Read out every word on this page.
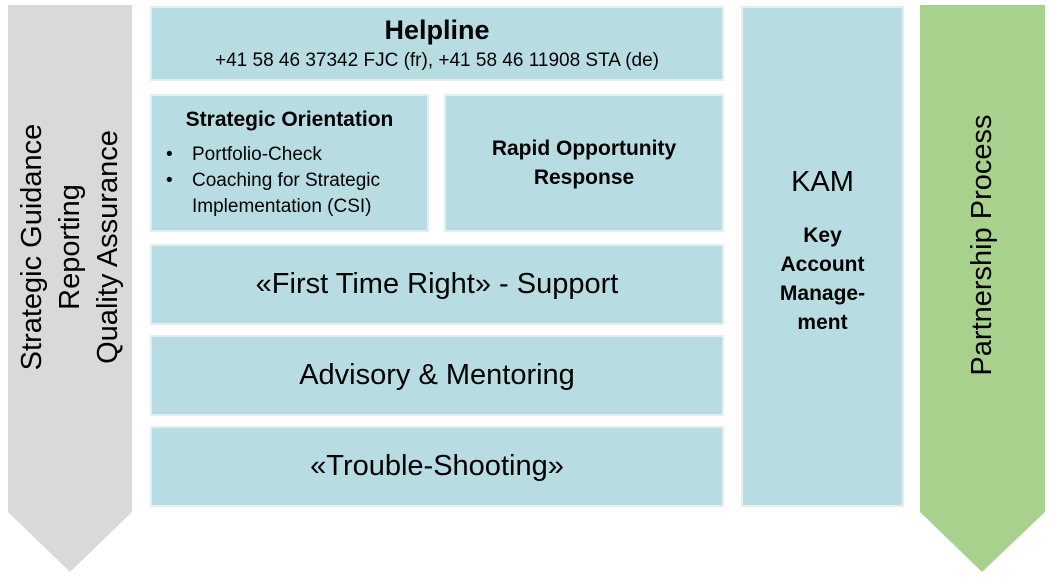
Strategic Guidance Reporting Quality Assurance	Partnership Process
Helpline
+41 58 46 37342 FJC (fr), +41 58 46 11908 STA (de)
Strategic Orientation
• Portfolio-Check
• Coaching for Strategic Implementation (CSI)
Rapid Opportunity Response
«First Time Right» - Support
Advisory & Mentoring
«Trouble-Shooting»
KAM
Key Account Manage-ment
